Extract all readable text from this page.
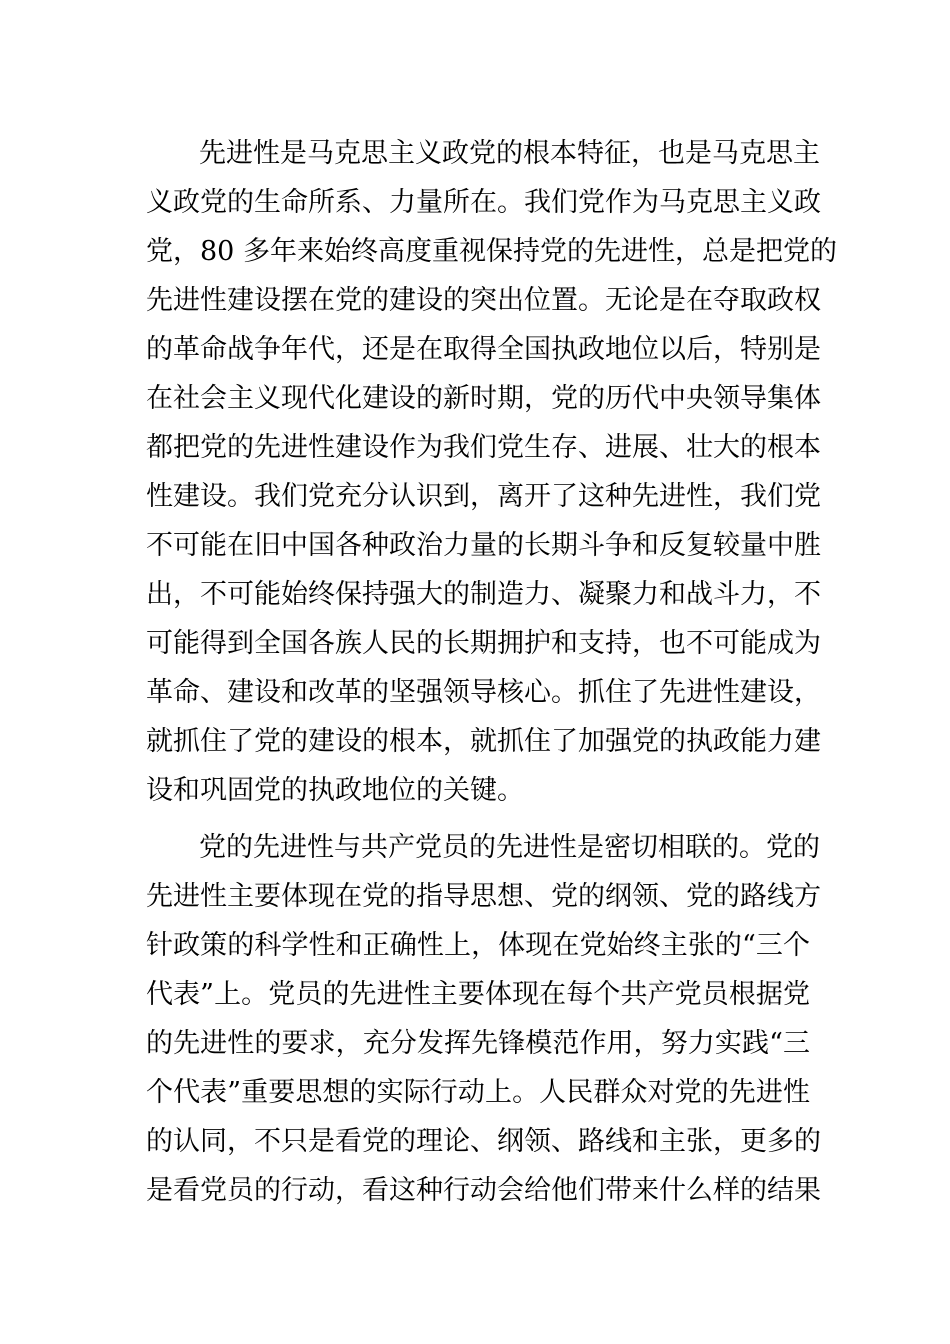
先进性是马克思主义政党的根本特征，也是马克思主
义政党的生命所系、力量所在。我们党作为马克思主义政
党，80 多年来始终高度重视保持党的先进性，总是把党的
先进性建设摆在党的建设的突出位置。无论是在夺取政权
的革命战争年代，还是在取得全国执政地位以后，特别是
在社会主义现代化建设的新时期，党的历代中央领导集体
都把党的先进性建设作为我们党生存、进展、壮大的根本
性建设。我们党充分认识到，离开了这种先进性，我们党
不可能在旧中国各种政治力量的长期斗争和反复较量中胜
出，不可能始终保持强大的制造力、凝聚力和战斗力，不
可能得到全国各族人民的长期拥护和支持，也不可能成为
革命、建设和改革的坚强领导核心。抓住了先进性建设，
就抓住了党的建设的根本，就抓住了加强党的执政能力建
设和巩固党的执政地位的关键。
党的先进性与共产党员的先进性是密切相联的。党的
先进性主要体现在党的指导思想、党的纲领、党的路线方
针政策的科学性和正确性上，体现在党始终主张的“三个
代表”上。党员的先进性主要体现在每个共产党员根据党
的先进性的要求，充分发挥先锋模范作用，努力实践“三
个代表”重要思想的实际行动上。人民群众对党的先进性
的认同，不只是看党的理论、纲领、路线和主张，更多的
是看党员的行动，看这种行动会给他们带来什么样的结果
